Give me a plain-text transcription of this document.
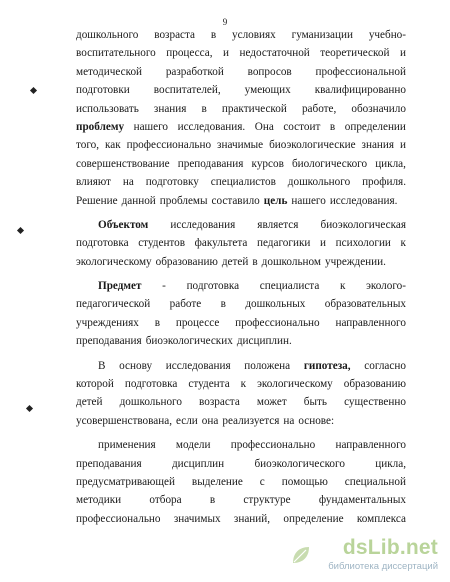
9
дошкольного возраста в условиях гуманизации учебно-
воспитательного процесса, и недостаточной теоретической и
методической разработкой вопросов профессиональной
подготовки воспитателей, умеющих квалифицированно
использовать знания в практической работе, обозначило
проблему нашего исследования. Она состоит в определении
того, как профессионально значимые биоэкологические знания и
совершенствование преподавания курсов биологического цикла,
влияют на подготовку специалистов дошкольного профиля.
Решение данной проблемы составило цель нашего исследования.
Объектом исследования является биоэкологическая
подготовка студентов факультета педагогики и психологии к
экологическому образованию детей в дошкольном учреждении.
Предмет - подготовка специалиста к эколого-
педагогической работе в дошкольных образовательных
учреждениях в процессе профессионально направленного
преподавания биоэкологических дисциплин.
В основу исследования положена гипотеза, согласно
которой подготовка студента к экологическому образованию
детей дошкольного возраста может быть существенно
усовершенствована, если она реализуется на основе:
применения модели профессионально направленного
преподавания	дисциплин	биоэкологического	цикла,
предусматривающей выделение с помощью специальной
методики	отбора	в	структуре	фундаментальных
профессионально значимых знаний, определение комплекса
dsLib.net
библиотека диссертаций
